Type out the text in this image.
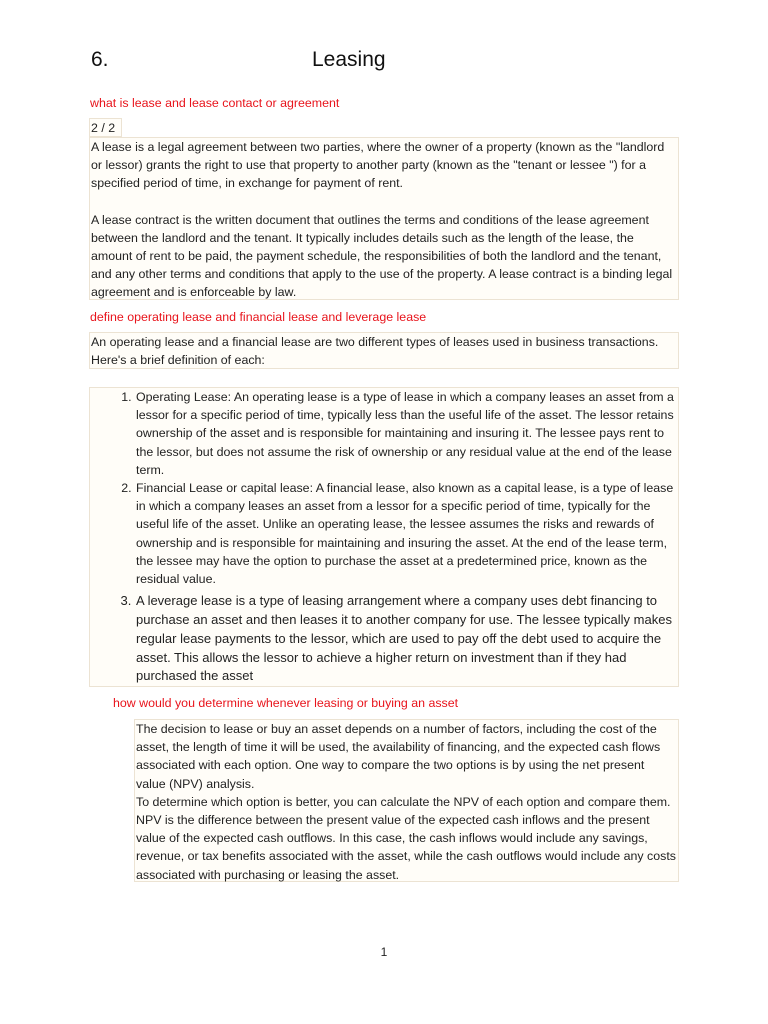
6.	Leasing
what is lease and lease contact or agreement
2 / 2

A lease is a legal agreement between two parties, where the owner of a property (known as the "landlord or lessor) grants the right to use that property to another party (known as the "tenant or lessee ") for a specified period of time, in exchange for payment of rent.

A lease contract is the written document that outlines the terms and conditions of the lease agreement between the landlord and the tenant. It typically includes details such as the length of the lease, the amount of rent to be paid, the payment schedule, the responsibilities of both the landlord and the tenant, and any other terms and conditions that apply to the use of the property. A lease contract is a binding legal agreement and is enforceable by law.

define operating lease and financial lease and leverage lease

An operating lease and a financial lease are two different types of leases used in business transactions. Here's a brief definition of each:

1. Operating Lease: An operating lease is a type of lease in which a company leases an asset from a lessor for a specific period of time, typically less than the useful life of the asset. The lessor retains ownership of the asset and is responsible for maintaining and insuring it. The lessee pays rent to the lessor, but does not assume the risk of ownership or any residual value at the end of the lease term.
2. Financial Lease or capital lease: A financial lease, also known as a capital lease, is a type of lease in which a company leases an asset from a lessor for a specific period of time, typically for the useful life of the asset. Unlike an operating lease, the lessee assumes the risks and rewards of ownership and is responsible for maintaining and insuring the asset. At the end of the lease term, the lessee may have the option to purchase the asset at a predetermined price, known as the residual value.
3. A leverage lease is a type of leasing arrangement where a company uses debt financing to purchase an asset and then leases it to another company for use. The lessee typically makes regular lease payments to the lessor, which are used to pay off the debt used to acquire the asset. This allows the lessor to achieve a higher return on investment than if they had purchased the asset
how would you determine whenever leasing or buying an asset

The decision to lease or buy an asset depends on a number of factors, including the cost of the asset, the length of time it will be used, the availability of financing, and the expected cash flows associated with each option. One way to compare the two options is by using the net present value (NPV) analysis.

To determine which option is better, you can calculate the NPV of each option and compare them. NPV is the difference between the present value of the expected cash inflows and the present value of the expected cash outflows. In this case, the cash inflows would include any savings, revenue, or tax benefits associated with the asset, while the cash outflows would include any costs associated with purchasing or leasing the asset.

1
